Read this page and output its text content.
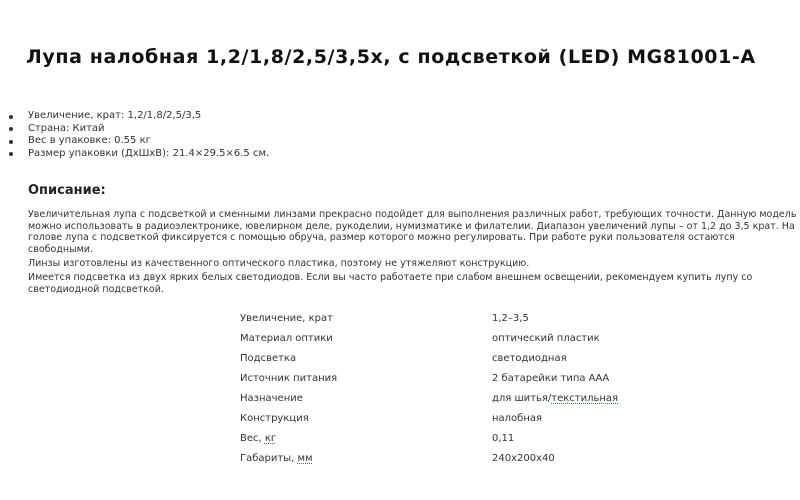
Лупа налобная 1,2/1,8/2,5/3,5х, с подсветкой (LED) MG81001-A
Увеличение, крат: 1,2/1,8/2,5/3,5
Страна: Китай
Вес в упаковке: 0.55 кг
Размер упаковки (ДхШхВ): 21.4×29.5×6.5 см.
Описание:

Увеличительная лупа с подсветкой и сменными линзами прекрасно подойдет для выполнения различных работ, требующих точности. Данную модель можно использовать в радиоэлектронике, ювелирном деле, рукоделии, нумизматике и филателии. Диапазон увеличений лупы – от 1,2 до 3,5 крат. На голове лупа с подсветкой фиксируется с помощью обруча, размер которого можно регулировать. При работе руки пользователя остаются свободными.

Линзы изготовлены из качественного оптического пластика, поэтому не утяжеляют конструкцию.

Имеется подсветка из двух ярких белых светодиодов. Если вы часто работаете при слабом внешнем освещении, рекомендуем купить лупу со светодиодной подсветкой.

Увеличение, крат	1,2–3,5
Материал оптики	оптический пластик
Подсветка	светодиодная
Источник питания	2 батарейки типа ААА
Назначение	для шитья/текстильная
Конструкция	налобная
Вес, кг	0,11
Габариты, мм	240х200х40
